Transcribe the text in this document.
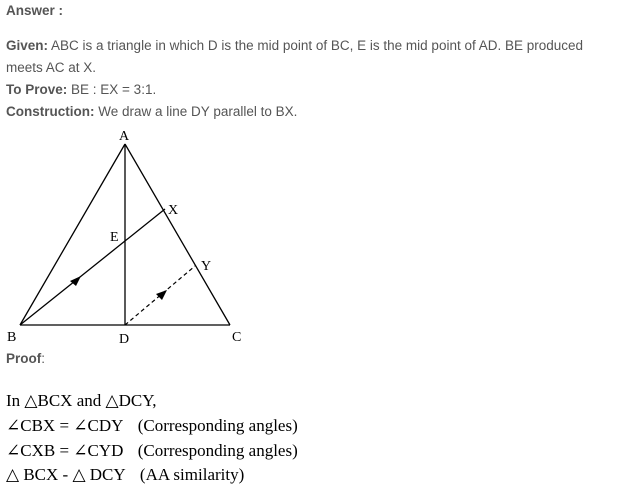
Answer :
Given: ABC is a triangle in which D is the mid point of BC, E is the mid point of AD. BE produced
meets AC at X.
To Prove: BE : EX = 3:1.
Construction: We draw a line DY parallel to BX.
A
B	C
D
E
X
Y
Proof:
In △BCX and △DCY,
∠CBX = ∠CDY (Corresponding angles)
∠CXB = ∠CYD (Corresponding angles)
△ BCX - △ DCY (AA similarity)
